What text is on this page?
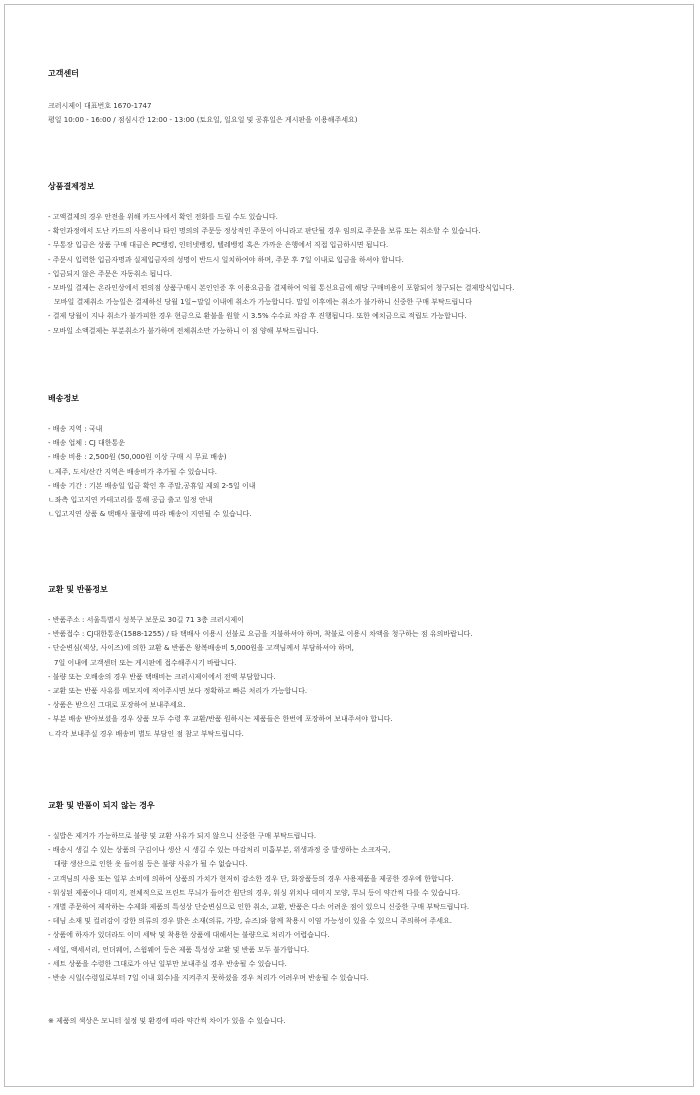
고객센터

크러시제이 대표번호 1670-1747

평일 10:00 - 16:00 / 점심시간 12:00 - 13:00 (토요일, 일요일 및 공휴일은 게시판을 이용해주세요)

상품결제정보

- 고액결제의 경우 안전을 위해 카드사에서 확인 전화를 드릴 수도 있습니다.

- 확인과정에서 도난 카드의 사용이나 타인 명의의 주문등 정상적인 주문이 아니라고 판단될 경우 임의로 주문을 보류 또는 취소할 수 있습니다.

- 무통장 입금은 상품 구매 대금은 PC뱅킹, 인터넷뱅킹, 텔레뱅킹 혹은 가까운 은행에서 직접 입금하시면 됩니다.

- 주문시 입력한 입금자명과 실제입금자의 성명이 반드시 일치하여야 하며, 주문 후 7일 이내로 입금을 하셔야 합니다.

- 입금되지 않은 주문은 자동취소 됩니다.

- 모바일 결제는 온라인상에서 편의점 상품구매시 본인인증 후 이용요금을 결제하여 익월 통신요금에 해당 구매비용이 포함되어 청구되는 결제방식입니다.

모바일 결제취소 가능일은 결제하신 당월 1일~말일 이내에 취소가 가능합니다. 말일 이후에는 취소가 불가하니 신중한 구매 부탁드립니다

- 결제 당월이 지나 취소가 불가피한 경우 현금으로 환불을 원할 시 3.5% 수수료 차감 후 진행됩니다. 또한 예치금으로 적립도 가능합니다.

- 모바일 소액결제는 부분취소가 불가하며 전체취소만 가능하니 이 점 양해 부탁드립니다.

배송정보

- 배송 지역 : 국내

- 배송 업체 : CJ 대한통운

- 배송 비용 : 2,500원 (50,000원 이상 구매 시 무료 배송)

ㄴ제주, 도서/산간 지역은 배송비가 추가될 수 있습니다.

- 배송 기간 : 기본 배송일 입금 확인 후 주말,공휴일 제외 2-5일 이내

ㄴ좌측 입고지연 카테고리를 통해 공급 출고 일정 안내

ㄴ입고지연 상품 & 택배사 물량에 따라 배송이 지연될 수 있습니다.

교환 및 반품정보

- 반품주소 : 서울특별시 성북구 보문로 30길 71 3층 크러시제이

- 반품접수 : CJ대한통운(1588-1255) / 타 택배사 이용시 선불로 요금을 지불하셔야 하며, 착불로 이용시 차액을 청구하는 점 유의바랍니다.

- 단순변심(색상, 사이즈)에 의한 교환 & 반품은 왕복배송비 5,000원을 고객님께서 부담하셔야 하며,

7일 이내에 고객센터 또는 게시판에 접수해주시기 바랍니다.

- 불량 또는 오배송의 경우 반품 택배비는 크러시제이에서 전액 부담합니다.

- 교환 또는 반품 사유를 메모지에 적어주시면 보다 정확하고 빠른 처리가 가능합니다.

- 상품은 받으신 그대로 포장하여 보내주세요.

- 부분 배송 받아보셨을 경우 상품 모두 수령 후 교환/반품 원하시는 제품들은 한번에 포장하여 보내주셔야 합니다.

ㄴ각각 보내주실 경우 배송비 별도 부담인 점 참고 부탁드립니다.

교환 및 반품이 되지 않는 경우

- 실밥은 제거가 가능하므로 불량 및 교환 사유가 되지 않으니 신중한 구매 부탁드립니다.

- 배송시 생길 수 있는 상품의 구김이나 생산 시 생길 수 있는 마감처리 미흡부분, 위생과정 중 발생하는 소크자국,

대량 생산으로 인한 옷 들어짐 등은 불량 사유가 될 수 없습니다.

- 고객님의 사용 또는 일부 소비에 의하여 상품의 가치가 현저히 감소한 경우 단, 화장품등의 경우 사용제품을 제공한 경우에 한합니다.

- 워싱된 제품이나 데미지, 전체적으로 프린트 무늬가 들어간 원단의 경우, 워싱 위치나 데미지 모양, 무늬 등이 약간씩 다를 수 있습니다.

- 개별 주문하여 제작하는 수제화 제품의 특성상 단순변심으로 인한 취소, 교환, 반품은 다소 어려운 점이 있으니 신중한 구매 부탁드립니다.

- 데님 소재 및 컬러감이 강한 의류의 경우 밝은 소재(의류, 가방, 슈즈)와 함께 착용시 이염 가능성이 있을 수 있으니 주의하여 주세요.

- 상품에 하자가 있더라도 이미 세탁 및 착용한 상품에 대해서는 불량으로 처리가 어렵습니다.

- 세일, 액세서리, 언더웨어, 스윔웨어 등은 제품 특성상 교환 및 반품 모두 불가합니다.

- 세트 상품을 수령한 그대로가 아닌 일부만 보내주실 경우 반송될 수 있습니다.

- 반송 시일(수령일로부터 7일 이내 회수)을 지켜주지 못하셨을 경우 처리가 어려우며 반송될 수 있습니다.

※ 제품의 색상은 모니터 설정 및 환경에 따라 약간씩 차이가 있을 수 있습니다.
